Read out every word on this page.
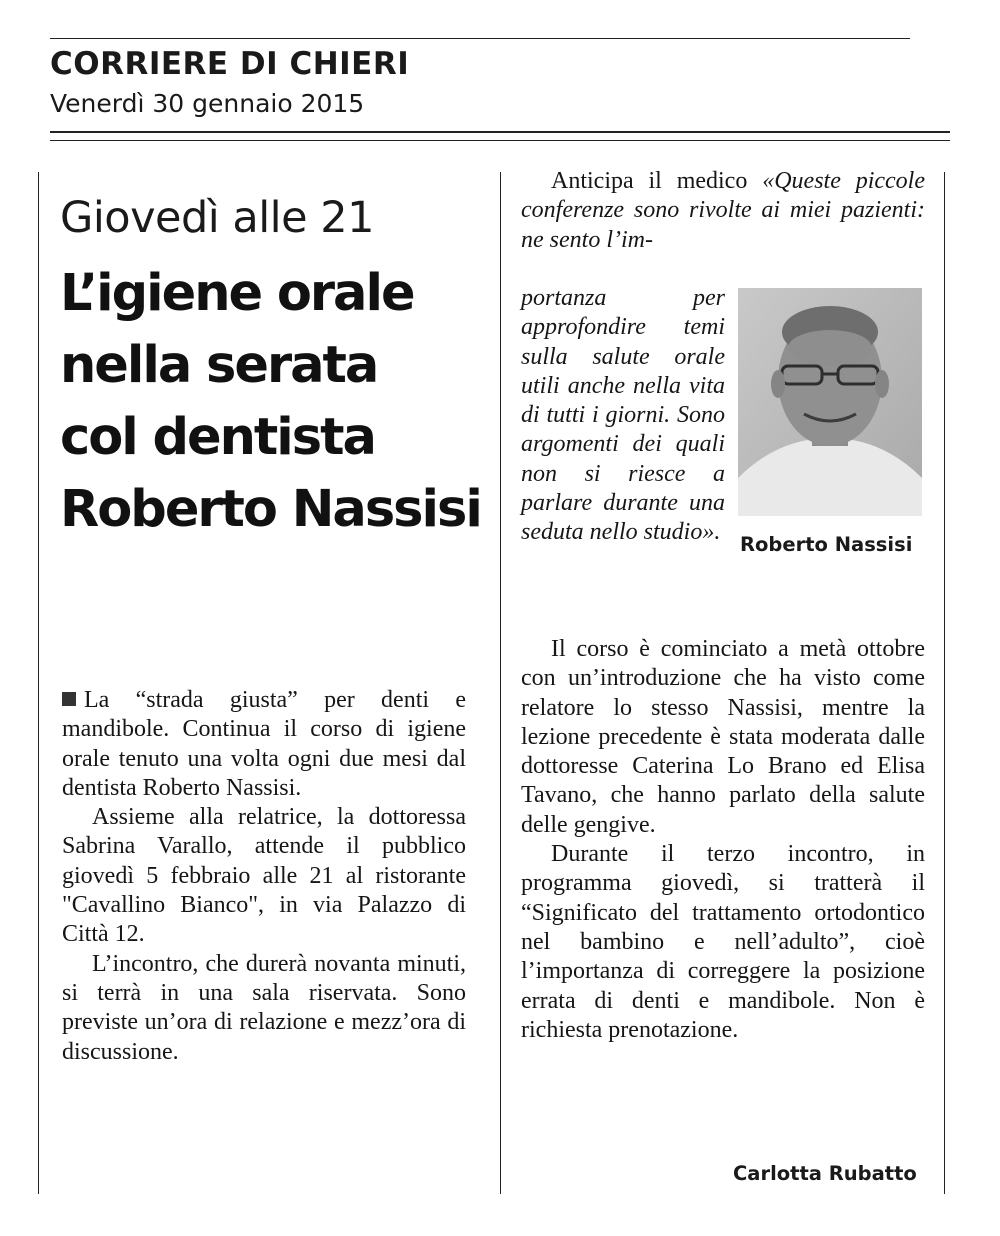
CORRIERE DI CHIERI
Venerdì 30 gennaio 2015
Giovedì alle 21
L’igiene orale
nella serata
col dentista
Roberto Nassisi

La “strada giusta” per denti e mandibole. Continua il corso di igiene orale tenuto una volta ogni due mesi dal dentista Roberto Nassisi.

Assieme alla relatrice, la dottoressa Sabrina Varallo, attende il pubblico giovedì 5 febbraio alle 21 al ristorante "Cavallino Bianco", in via Palazzo di Città 12.

L’incontro, che durerà novanta minuti, si terrà in una sala riservata. Sono previste un’ora di relazione e mezz’ora di discussione.

Anticipa il medico «Queste piccole conferenze sono rivolte ai miei pazienti: ne sento l’im-

portanza per approfondire temi sulla salute orale utili anche nella vita di tutti i giorni. Sono argomenti dei quali non si riesce a parlare durante una seduta nello studio». Roberto Nassisi

Il corso è cominciato a metà ottobre con un’introduzione che ha visto come relatore lo stesso Nassisi, mentre la lezione precedente è stata moderata dalle dottoresse Caterina Lo Brano ed Elisa Tavano, che hanno parlato della salute delle gengive.

Durante il terzo incontro, in programma giovedì, si tratterà il “Significato del trattamento ortodontico nel bambino e nell’adulto”, cioè l’importanza di correggere la posizione errata di denti e mandibole. Non è richiesta prenotazione.

Carlotta Rubatto
